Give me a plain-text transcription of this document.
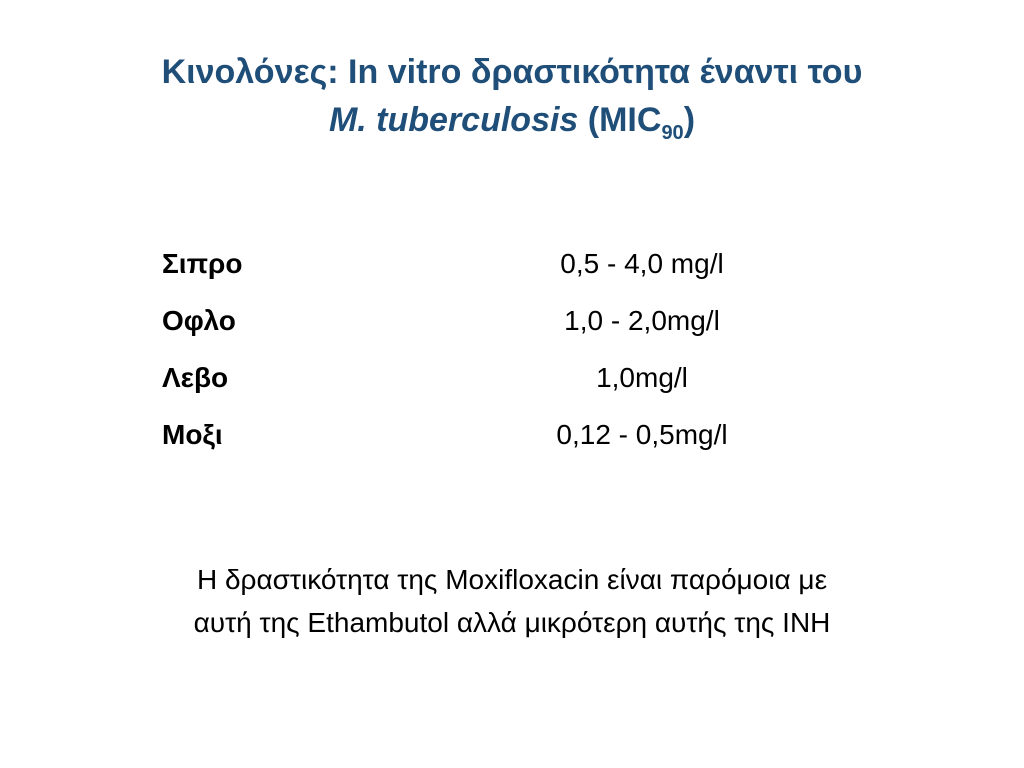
Κινολόνες: In vitro δραστικότητα έναντι του
M. tuberculosis $(MIC_{90})$
Σιπρο	0,5 - 4,0 mg/l
Οφλο	1,0 - 2,0mg/l
Λεβο	1,0mg/l
Μοξι	0,12 - 0,5mg/l

Η δραστικότητα της Moxifloxacin είναι παρόμοια με
αυτή της Ethambutol αλλά μικρότερη αυτής της INH
